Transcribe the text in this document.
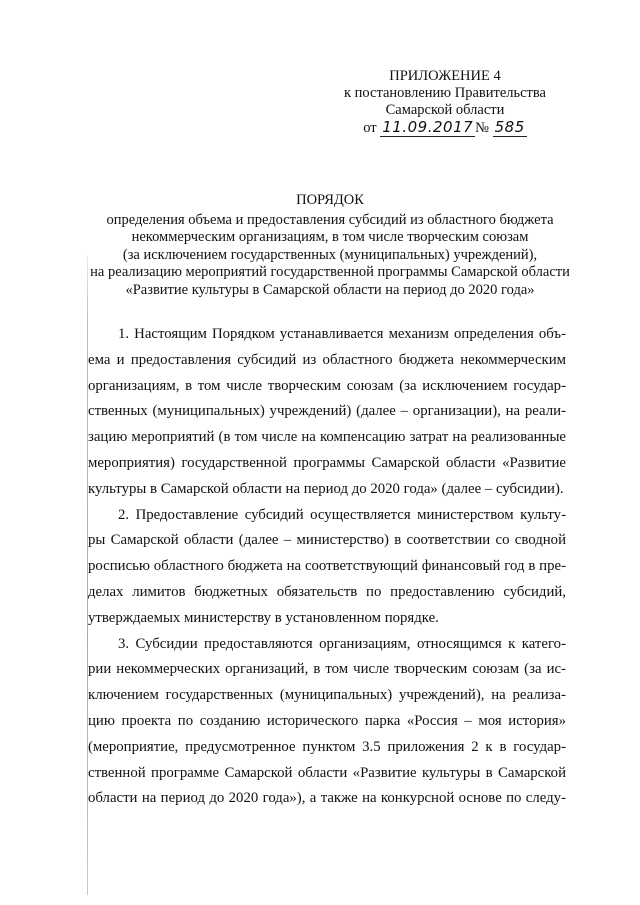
ПРИЛОЖЕНИЕ 4
к постановлению Правительства
Самарской области
от 11.09.2017 № 585
ПОРЯДОК
определения объема и предоставления субсидий из областного бюджета
некоммерческим организациям, в том числе творческим союзам
(за исключением государственных (муниципальных) учреждений),
на реализацию мероприятий государственной программы Самарской области
«Развитие культуры в Самарской области на период до 2020 года»
1. Настоящим Порядком устанавливается механизм определения объ-
ема и предоставления субсидий из областного бюджета некоммерческим
организациям, в том числе творческим союзам (за исключением государ-
ственных (муниципальных) учреждений) (далее – организации), на реали-
зацию мероприятий (в том числе на компенсацию затрат на реализованные
мероприятия) государственной программы Самарской области «Развитие
культуры в Самарской области на период до 2020 года» (далее – субсидии).
2. Предоставление субсидий осуществляется министерством культу-
ры Самарской области (далее – министерство) в соответствии со сводной
росписью областного бюджета на соответствующий финансовый год в пре-
делах лимитов бюджетных обязательств по предоставлению субсидий,
утверждаемых министерству в установленном порядке.
3. Субсидии предоставляются организациям, относящимся к катего-
рии некоммерческих организаций, в том числе творческим союзам (за ис-
ключением государственных (муниципальных) учреждений), на реализа-
цию проекта по созданию исторического парка «Россия – моя история»
(мероприятие, предусмотренное пунктом 3.5 приложения 2 к в государ-
ственной программе Самарской области «Развитие культуры в Самарской
области на период до 2020 года»), а также на конкурсной основе по следу-
